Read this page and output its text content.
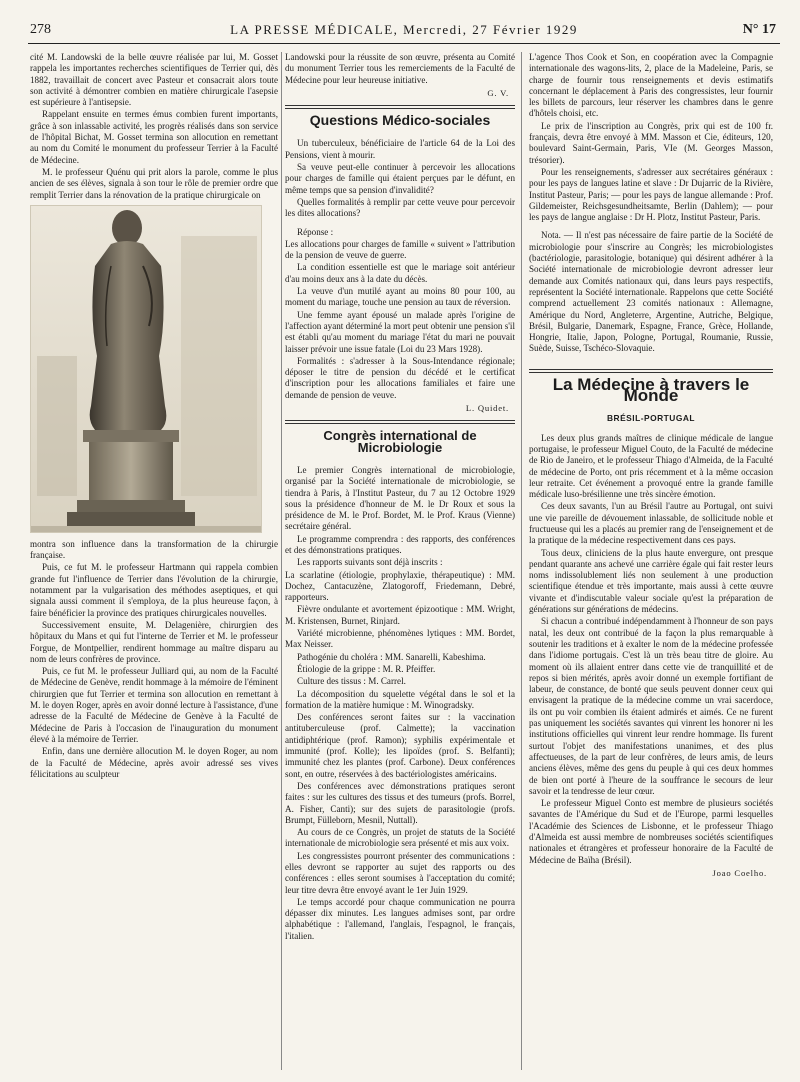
278	LA PRESSE MÉDICALE, Mercredi, 27 Février 1929	N° 17

cité M. Landowski de la belle œuvre réalisée par lui, M. Gosset rappela les importantes recherches scientifiques de Terrier qui, dès 1882, travaillait de concert avec Pasteur et consacrait alors toute son activité à démontrer combien en matière chirurgicale l'asepsie est supérieure à l'antisepsie.

Rappelant ensuite en termes émus combien furent importants, grâce à son inlassable activité, les progrès réalisés dans son service de l'hôpital Bichat, M. Gosset termina son allocution en remettant au nom du Comité le monument du professeur Terrier à la Faculté de Médecine.

M. le professeur Quénu qui prit alors la parole, comme le plus ancien de ses élèves, signala à son tour le rôle de premier ordre que remplit Terrier dans la rénovation de la pratique chirurgicale on

montra son influence dans la transformation de la chirurgie française.

Puis, ce fut M. le professeur Hartmann qui rappela combien grande fut l'influence de Terrier dans l'évolution de la chirurgie, notamment par la vulgarisation des méthodes aseptiques, et qui signala aussi comment il s'employa, de la plus heureuse façon, à faire bénéficier la province des pratiques chirurgicales nouvelles.

Successivement ensuite, M. Delagenière, chirurgien des hôpitaux du Mans et qui fut l'interne de Terrier et M. le professeur Forgue, de Montpellier, rendirent hommage au maître disparu au nom de leurs confrères de province.

Puis, ce fut M. le professeur Julliard qui, au nom de la Faculté de Médecine de Genève, rendit hommage à la mémoire de l'éminent chirurgien que fut Terrier et termina son allocution en remettant à M. le doyen Roger, après en avoir donné lecture à l'assistance, d'une adresse de la Faculté de Médecine de Genève à la Faculté de Médecine de Paris à l'occasion de l'inauguration du monument élevé à la mémoire de Terrier.

Enfin, dans une dernière allocution M. le doyen Roger, au nom de la Faculté de Médecine, après avoir adressé ses vives félicitations au sculpteur

Landowski pour la réussite de son œuvre, présenta au Comité du monument Terrier tous les remerciements de la Faculté de Médecine pour leur heureuse initiative.

G. V.
Questions Médico-sociales

Un tuberculeux, bénéficiaire de l'article 64 de la Loi des Pensions, vient à mourir.

Sa veuve peut-elle continuer à percevoir les allocations pour charges de famille qui étaient perçues par le défunt, en même temps que sa pension d'invalidité?

Quelles formalités à remplir par cette veuve pour percevoir les dites allocations?

Réponse :

Les allocations pour charges de famille « suivent » l'attribution de la pension de veuve de guerre.

La condition essentielle est que le mariage soit antérieur d'au moins deux ans à la date du décès.

La veuve d'un mutilé ayant au moins 80 pour 100, au moment du mariage, touche une pension au taux de réversion.

Une femme ayant épousé un malade après l'origine de l'affection ayant déterminé la mort peut obtenir une pension s'il est établi qu'au moment du mariage l'état du mari ne pouvait laisser prévoir une issue fatale (Loi du 23 Mars 1928).

Formalités : s'adresser à la Sous-Intendance régionale; déposer le titre de pension du décédé et le certificat d'inscription pour les allocations familiales et faire une demande de pension de veuve.

L. Quidet.
Congrès international de Microbiologie

Le premier Congrès international de microbiologie, organisé par la Société internationale de microbiologie, se tiendra à Paris, à l'Institut Pasteur, du 7 au 12 Octobre 1929 sous la présidence d'honneur de M. le Dr Roux et sous la présidence de M. le Prof. Bordet, M. le Prof. Kraus (Vienne) secrétaire général.

Le programme comprendra : des rapports, des conférences et des démonstrations pratiques.

Les rapports suivants sont déjà inscrits :

La scarlatine (étiologie, prophylaxie, thérapeutique) : MM. Dochez, Cantacuzène, Zlatogoroff, Friedemann, Debré, rapporteurs.

Fièvre ondulante et avortement épizootique : MM. Wright, M. Kristensen, Burnet, Rinjard.

Variété microbienne, phénomènes lytiques : MM. Bordet, Max Neisser.

Pathogénie du choléra : MM. Sanarelli, Kabeshima.

Étiologie de la grippe : M. R. Pfeiffer.

Culture des tissus : M. Carrel.

La décomposition du squelette végétal dans le sol et la formation de la matière humique : M. Winogradsky.

Des conférences seront faites sur : la vaccination antituberculeuse (prof. Calmette); la vaccination antidiphtérique (prof. Ramon); syphilis expérimentale et immunité (prof. Kolle); les lipoïdes (prof. S. Belfanti); immunité chez les plantes (prof. Carbone). Deux conférences sont, en outre, réservées à des bactériologistes américains.

Des conférences avec démonstrations pratiques seront faites : sur les cultures des tissus et des tumeurs (profs. Borrel, A. Fisher, Canti); sur des sujets de parasitologie (profs. Brumpt, Fülleborn, Mesnil, Nuttall).

Au cours de ce Congrès, un projet de statuts de la Société internationale de microbiologie sera présenté et mis aux voix.

Les congressistes pourront présenter des communications : elles devront se rapporter au sujet des rapports ou des conférences : elles seront soumises à l'acceptation du comité; leur titre devra être envoyé avant le 1er Juin 1929.

Le temps accordé pour chaque communication ne pourra dépasser dix minutes. Les langues admises sont, par ordre alphabétique : l'allemand, l'anglais, l'espagnol, le français, l'italien.

L'agence Thos Cook et Son, en coopération avec la Compagnie internationale des wagons-lits, 2, place de la Madeleine, Paris, se charge de fournir tous renseignements et devis estimatifs concernant le déplacement à Paris des congressistes, leur fournir les billets de parcours, leur réserver les chambres dans le genre d'hôtels choisi, etc.

Le prix de l'inscription au Congrès, prix qui est de 100 fr. français, devra être envoyé à MM. Masson et Cie, éditeurs, 120, boulevard Saint-Germain, Paris, VIe (M. Georges Masson, trésorier).

Pour les renseignements, s'adresser aux secrétaires généraux : pour les pays de langues latine et slave : Dr Dujarric de la Rivière, Institut Pasteur, Paris; — pour les pays de langue allemande : Prof. Gildemeister, Reichsgesundheitsamte, Berlin (Dahlem); — pour les pays de langue anglaise : Dr H. Plotz, Institut Pasteur, Paris.

Nota. — Il n'est pas nécessaire de faire partie de la Société de microbiologie pour s'inscrire au Congrès; les microbiologistes (bactériologie, parasitologie, botanique) qui désirent adhérer à la Société internationale de microbiologie devront adresser leur demande aux Comités nationaux qui, dans leurs pays respectifs, représentent la Société internationale. Rappelons que cette Société comprend actuellement 23 comités nationaux : Allemagne, Amérique du Nord, Angleterre, Argentine, Autriche, Belgique, Brésil, Bulgarie, Danemark, Espagne, France, Grèce, Hollande, Hongrie, Italie, Japon, Pologne, Portugal, Roumanie, Russie, Suède, Suisse, Tschéco-Slovaquie.

La Médecine à travers le Monde
BRÉSIL-PORTUGAL

Les deux plus grands maîtres de clinique médicale de langue portugaise, le professeur Miguel Couto, de la Faculté de médecine de Rio de Janeiro, et le professeur Thiago d'Almeida, de la Faculté de médecine de Porto, ont pris récemment et à la même occasion leur retraite. Cet événement a provoqué entre la grande famille médicale luso-brésilienne une très sincère émotion.

Ces deux savants, l'un au Brésil l'autre au Portugal, ont suivi une vie pareille de dévouement inlassable, de sollicitude noble et fructueuse qui les a placés au premier rang de l'enseignement et de la pratique de la médecine respectivement dans ces pays.

Tous deux, cliniciens de la plus haute envergure, ont presque pendant quarante ans achevé une carrière égale qui fait rester leurs noms indissolublement liés non seulement à une production scientifique étendue et très importante, mais aussi à cette œuvre vivante et d'indiscutable valeur sociale qu'est la préparation de générations sur générations de médecins.

Si chacun a contribué indépendamment à l'honneur de son pays natal, les deux ont contribué de la façon la plus remarquable à soutenir les traditions et à exalter le nom de la médecine professée dans l'idiome portugais. C'est là un très beau titre de gloire. Au moment où ils allaient entrer dans cette vie de tranquillité et de repos si bien mérités, après avoir donné un exemple fortifiant de labeur, de constance, de bonté que seuls peuvent donner ceux qui envisagent la pratique de la médecine comme un vrai sacerdoce, ils ont pu voir combien ils étaient admirés et aimés. Ce ne furent pas uniquement les sociétés savantes qui vinrent les honorer ni les institutions officielles qui vinrent leur rendre hommage. Ils furent surtout l'objet des manifestations unanimes, et des plus affectueuses, de la part de leur confrères, de leurs amis, de leurs anciens élèves, même des gens du peuple à qui ces deux hommes de bien ont porté à l'heure de la souffrance le secours de leur savoir et la tendresse de leur cœur.

Le professeur Miguel Conto est membre de plusieurs sociétés savantes de l'Amérique du Sud et de l'Europe, parmi lesquelles l'Académie des Sciences de Lisbonne, et le professeur Thiago d'Almeida est aussi membre de nombreuses sociétés scientifiques nationales et étrangères et professeur honoraire de la Faculté de Médecine de Baïha (Brésil).

Joao Coelho.
